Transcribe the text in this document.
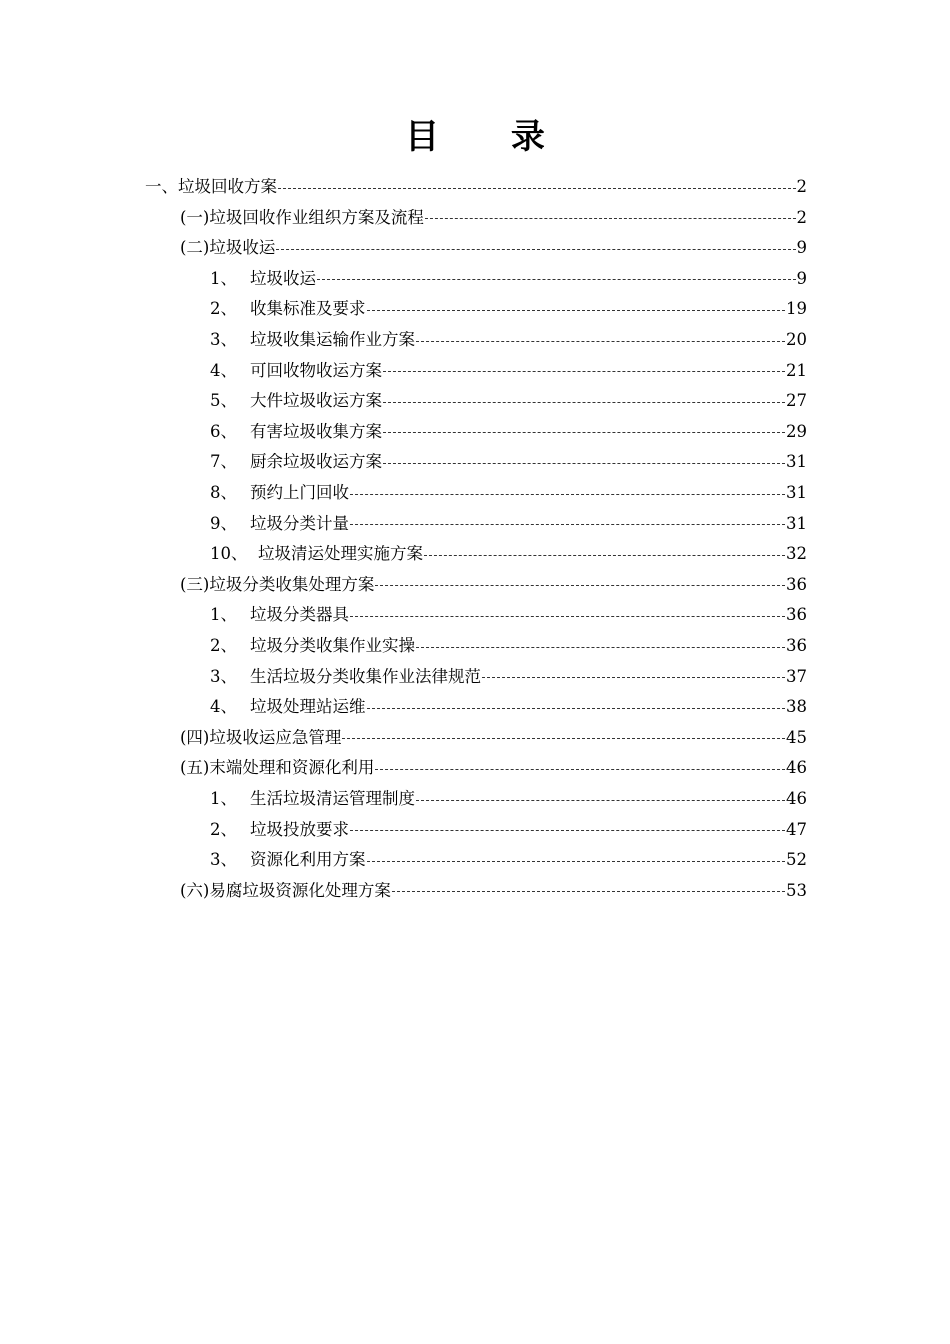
目 录
一、 垃圾回收方案	2
(一) 垃圾回收作业组织方案及流程	2
(二) 垃圾收运	9
1、 垃圾收运	9
2、 收集标准及要求	19
3、 垃圾收集运输作业方案	20
4、 可回收物收运方案	21
5、 大件垃圾收运方案	27
6、 有害垃圾收集方案	29
7、 厨余垃圾收运方案	31
8、 预约上门回收	31
9、 垃圾分类计量	31
10、 垃圾清运处理实施方案	32
(三) 垃圾分类收集处理方案	36
1、 垃圾分类器具	36
2、 垃圾分类收集作业实操	36
3、 生活垃圾分类收集作业法律规范	37
4、 垃圾处理站运维	38
(四) 垃圾收运应急管理	45
(五) 末端处理和资源化利用	46
1、 生活垃圾清运管理制度	46
2、 垃圾投放要求	47
3、 资源化利用方案	52
(六) 易腐垃圾资源化处理方案	53
